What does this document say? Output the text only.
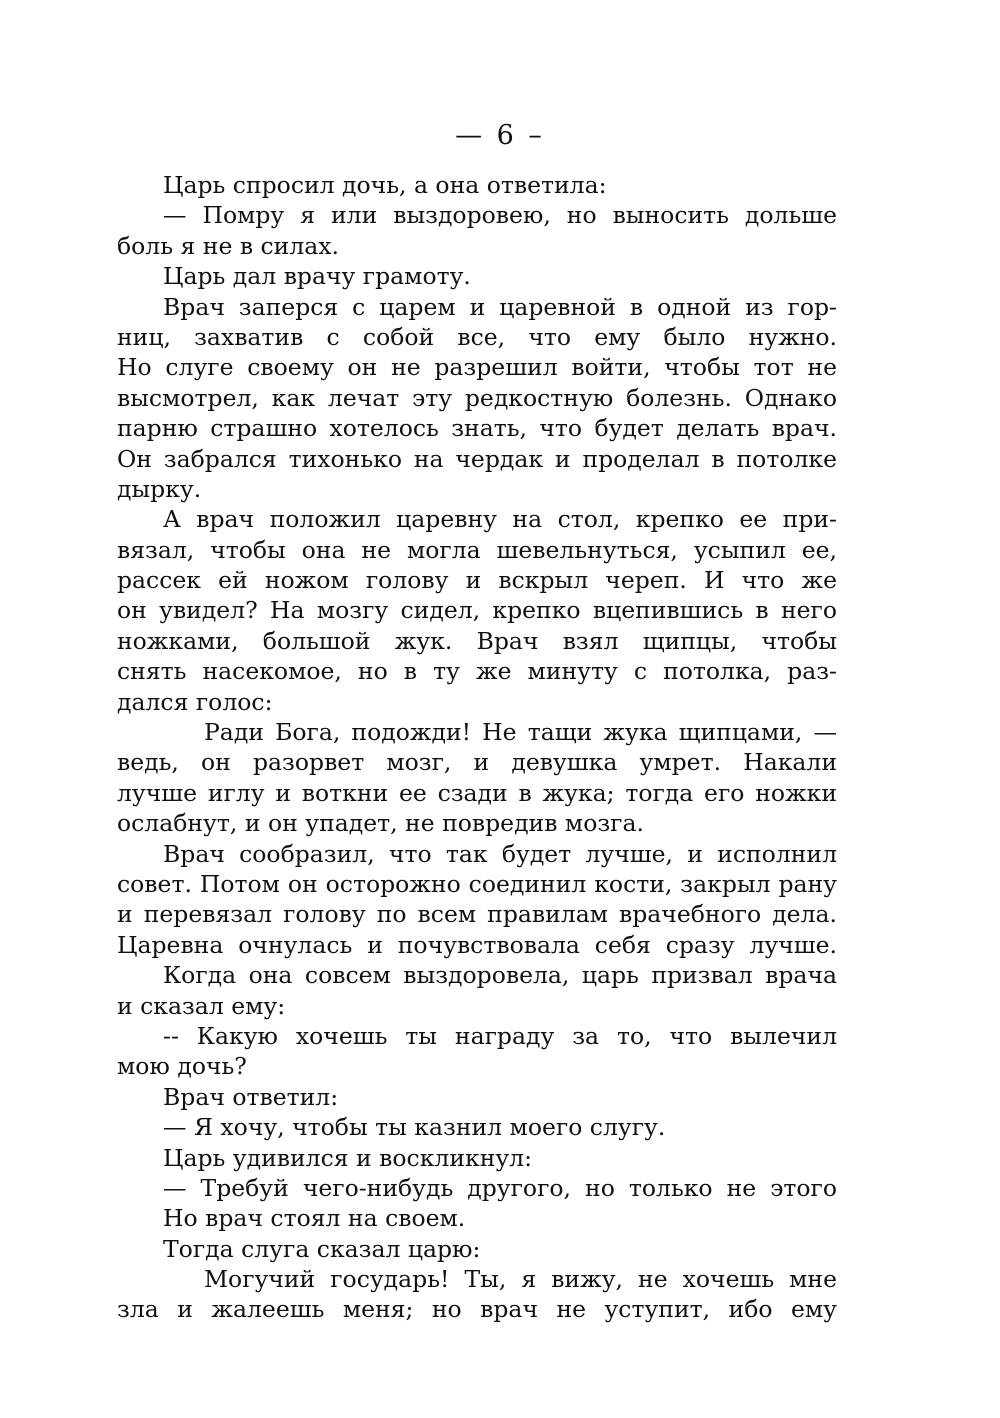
— 6 –
Царь спросил дочь, а она ответила:
— Помру я или выздоровею, но выносить дольше
боль я не в силах.
Царь дал врачу грамоту.
Врач заперся с царем и царевной в одной из гор-
ниц, захватив с собой все, что ему было нужно.
Но слуге своему он не разрешил войти, чтобы тот не
высмотрел, как лечат эту редкостную болезнь. Однако
парню страшно хотелось знать, что будет делать врач.
Он забрался тихонько на чердак и проделал в потолке
дырку.
А врач положил царевну на стол, крепко ее при-
вязал, чтобы она не могла шевельнуться, усыпил ее,
рассек ей ножом голову и вскрыл череп. И что же
он увидел? На мозгу сидел, крепко вцепившись в него
ножками, большой жук. Врач взял щипцы, чтобы
снять насекомое, но в ту же минуту с потолка, раз-
дался голос:
Ради Бога, подожди! Не тащи жука щипцами, —
ведь, он разорвет мозг, и девушка умрет. Накали
лучше иглу и воткни ее сзади в жука; тогда его ножки
ослабнут, и он упадет, не повредив мозга.
Врач сообразил, что так будет лучше, и исполнил
совет. Потом он осторожно соединил кости, закрыл рану
и перевязал голову по всем правилам врачебного дела.
Царевна очнулась и почувствовала себя сразу лучше.
Когда она совсем выздоровела, царь призвал врача
и сказал ему:
-- Какую хочешь ты награду за то, что вылечил
мою дочь?
Врач ответил:
— Я хочу, чтобы ты казнил моего слугу.
Царь удивился и воскликнул:
— Требуй чего-нибудь другого, но только не этого
Но врач стоял на своем.
Тогда слуга сказал царю:
Могучий государь! Ты, я вижу, не хочешь мне
зла и жалеешь меня; но врач не уступит, ибо ему
